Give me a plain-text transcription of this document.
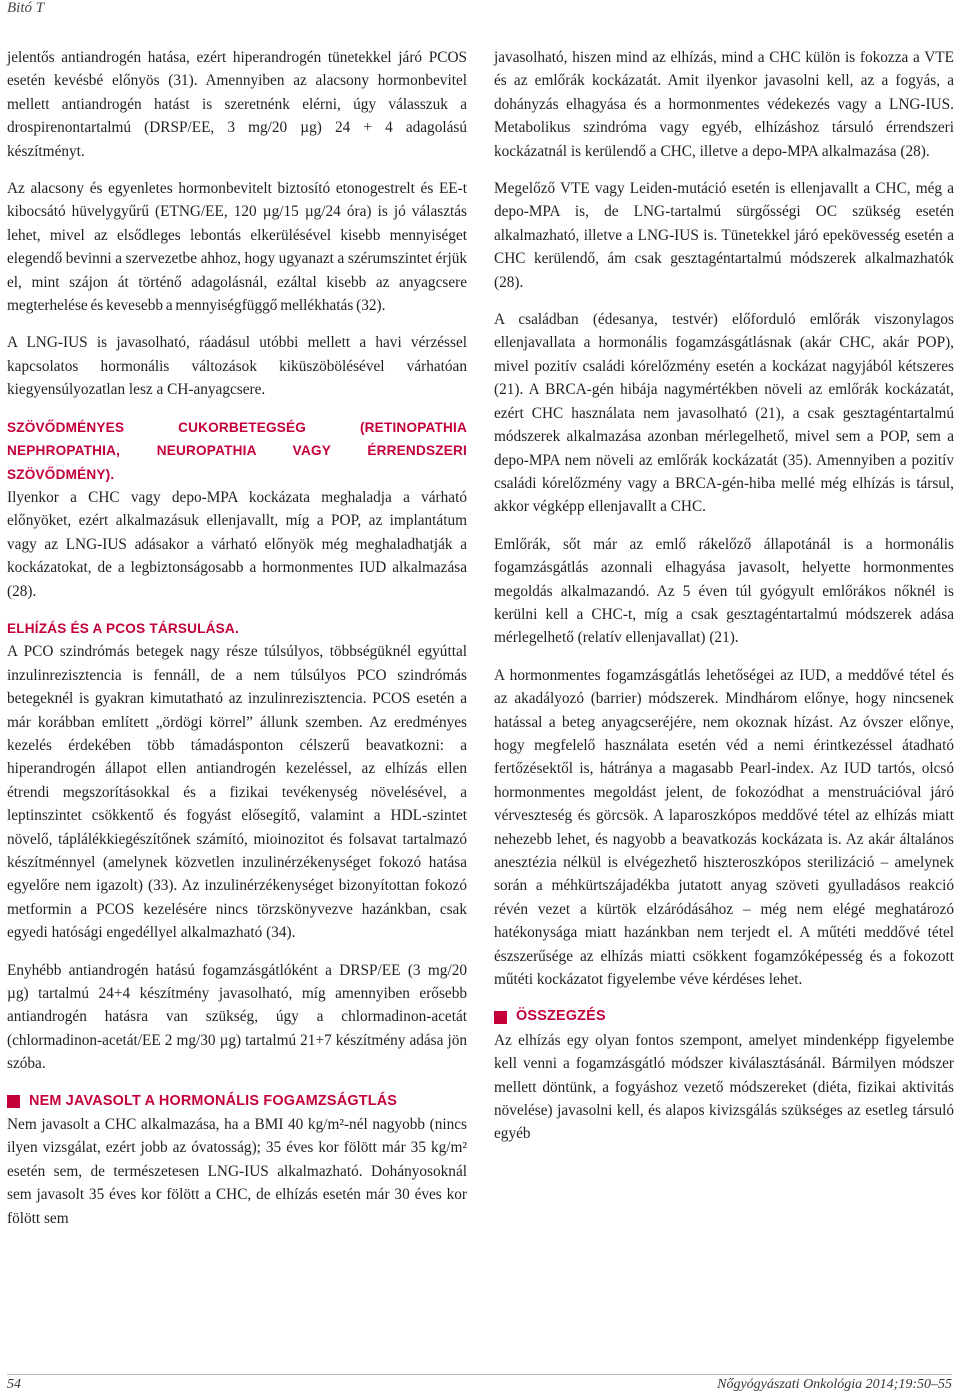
Bitó T

jelentős antiandrogén hatása, ezért hiperandrogén tünetekkel járó PCOS esetén kevésbé előnyös (31). Amennyiben az alacsony hormonbevitel mellett antiandrogén hatást is szeretnénk elérni, úgy válasszuk a drospirenontartalmú (DRSP/EE, 3 mg/20 µg) 24 + 4 adagolású készítményt.

Az alacsony és egyenletes hormonbevitelt biztosító etonogestrelt és EE-t kibocsátó hüvelygyűrű (ETNG/EE, 120 µg/15 µg/24 óra) is jó választás lehet, mivel az elsődleges lebontás elkerülésével kisebb mennyiséget elegendő bevinni a szervezetbe ahhoz, hogy ugyanazt a szérumszintet érjük el, mint szájon át történő adagolásnál, ezáltal kisebb az anyagcsere megterhelése és kevesebb a mennyiségfüggő mellékhatás (32).

A LNG-IUS is javasolható, ráadásul utóbbi mellett a havi vérzéssel kapcsolatos hormonális változások kiküszöbölésével várhatóan kiegyensúlyozatlan lesz a CH-anyagcsere.

SZÖVŐDMÉNYES CUKORBETEGSÉG (RETINOPATHIA NEPHROPATHIA, NEUROPATHIA VAGY ÉRRENDSZERI SZÖVŐDMÉNY).

Ilyenkor a CHC vagy depo-MPA kockázata meghaladja a várható előnyöket, ezért alkalmazásuk ellenjavallt, míg a POP, az implantátum vagy az LNG-IUS adásakor a várható előnyök még meghaladhatják a kockázatokat, de a legbiztonságosabb a hormonmentes IUD alkalmazása (28).

ELHÍZÁS ÉS A PCOS TÁRSULÁSA.

A PCO szindrómás betegek nagy része túlsúlyos, többségüknél egyúttal inzulinrezisztencia is fennáll, de a nem túlsúlyos PCO szindrómás betegeknél is gyakran kimutatható az inzulinrezisztencia. PCOS esetén a már korábban említett „ördögi körrel” állunk szemben. Az eredményes kezelés érdekében több támadásponton célszerű beavatkozni: a hiperandrogén állapot ellen antiandrogén kezeléssel, az elhízás ellen étrendi megszorításokkal és a fizikai tevékenység növelésével, a leptinszintet csökkentő és fogyást elősegítő, valamint a HDL-szintet növelő, táplálékkiegészítőnek számító, mioinozitot és folsavat tartalmazó készítménnyel (amelynek közvetlen inzulinérzékenységet fokozó hatása egyelőre nem igazolt) (33). Az inzulinérzékenységet bizonyítottan fokozó metformin a PCOS kezelésére nincs törzskönyvezve hazánkban, csak egyedi hatósági engedéllyel alkalmazható (34).

Enyhébb antiandrogén hatású fogamzásgátlóként a DRSP/EE (3 mg/20 µg) tartalmú 24+4 készítmény javasolható, míg amennyiben erősebb antiandrogén hatásra van szükség, úgy a chlormadinon-acetát (chlormadinon-acetát/EE 2 mg/30 µg) tartalmú 21+7 készítmény adása jön szóba.

NEM JAVASOLT A HORMONÁLIS FOGAMZSÁGTLÁS

Nem javasolt a CHC alkalmazása, ha a BMI 40 kg/m²-nél nagyobb (nincs ilyen vizsgálat, ezért jobb az óvatosság); 35 éves kor fölött már 35 kg/m² esetén sem, de természetesen LNG-IUS alkalmazható. Dohányosoknál sem javasolt 35 éves kor fölött a CHC, de elhízás esetén már 30 éves kor fölött sem

javasolható, hiszen mind az elhízás, mind a CHC külön is fokozza a VTE és az emlőrák kockázatát. Amit ilyenkor javasolni kell, az a fogyás, a dohányzás elhagyása és a hormonmentes védekezés vagy a LNG-IUS. Metabolikus szindróma vagy egyéb, elhízáshoz társuló érrendszeri kockázatnál is kerülendő a CHC, illetve a depo-MPA alkalmazása (28).

Megelőző VTE vagy Leiden-mutáció esetén is ellenjavallt a CHC, még a depo-MPA is, de LNG-tartalmú sürgősségi OC szükség esetén alkalmazható, illetve a LNG-IUS is. Tünetekkel járó epekövesség esetén a CHC kerülendő, ám csak gesztagéntartalmú módszerek alkalmazhatók (28).

A családban (édesanya, testvér) előforduló emlőrák viszonylagos ellenjavallata a hormonális fogamzásgátlásnak (akár CHC, akár POP), mivel pozitív családi kórelőzmény esetén a kockázat nagyjából kétszeres (21). A BRCA-gén hibája nagymértékben növeli az emlőrák kockázatát, ezért CHC használata nem javasolható (21), a csak gesztagéntartalmú módszerek alkalmazása azonban mérlegelhető, mivel sem a POP, sem a depo-MPA nem növeli az emlőrák kockázatát (35). Amennyiben a pozitív családi kórelőzmény vagy a BRCA-gén-hiba mellé még elhízás is társul, akkor végképp ellenjavallt a CHC.

Emlőrák, sőt már az emlő rákelőző állapotánál is a hormonális fogamzásgátlás azonnali elhagyása javasolt, helyette hormonmentes megoldás alkalmazandó. Az 5 éven túl gyógyult emlőrákos nőknél is kerülni kell a CHC-t, míg a csak gesztagéntartalmú módszerek adása mérlegelhető (relatív ellenjavallat) (21).

A hormonmentes fogamzásgátlás lehetőségei az IUD, a meddővé tétel és az akadályozó (barrier) módszerek. Mindhárom előnye, hogy nincsenek hatással a beteg anyagcseréjére, nem okoznak hízást. Az óvszer előnye, hogy megfelelő használata esetén véd a nemi érintkezéssel átadható fertőzésektől is, hátránya a magasabb Pearl-index. Az IUD tartós, olcsó hormonmentes megoldást jelent, de fokozódhat a menstruációval járó vérveszteség és görcsök. A laparoszkópos meddővé tétel az elhízás miatt nehezebb lehet, és nagyobb a beavatkozás kockázata is. Az akár általános anesztézia nélkül is elvégezhető hiszteroszkópos sterilizáció – amelynek során a méhkürtszájadékba jutatott anyag szöveti gyulladásos reakció révén vezet a kürtök elzáródásához – még nem elégé meghatározó hatékonysága miatt hazánkban nem terjedt el. A műtéti meddővé tétel észszerűsége az elhízás miatti csökkent fogamzóképesség és a fokozott műtéti kockázatot figyelembe véve kérdéses lehet.

ÖSSZEGZÉS

Az elhízás egy olyan fontos szempont, amelyet mindenképp figyelembe kell venni a fogamzásgátló módszer kiválasztásánál. Bármilyen módszer mellett döntünk, a fogyáshoz vezető módszereket (diéta, fizikai aktivitás növelése) javasolni kell, és alapos kivizsgálás szükséges az esetleg társuló egyéb

54	Nőgyógyászati Onkológia 2014;19:50–55
